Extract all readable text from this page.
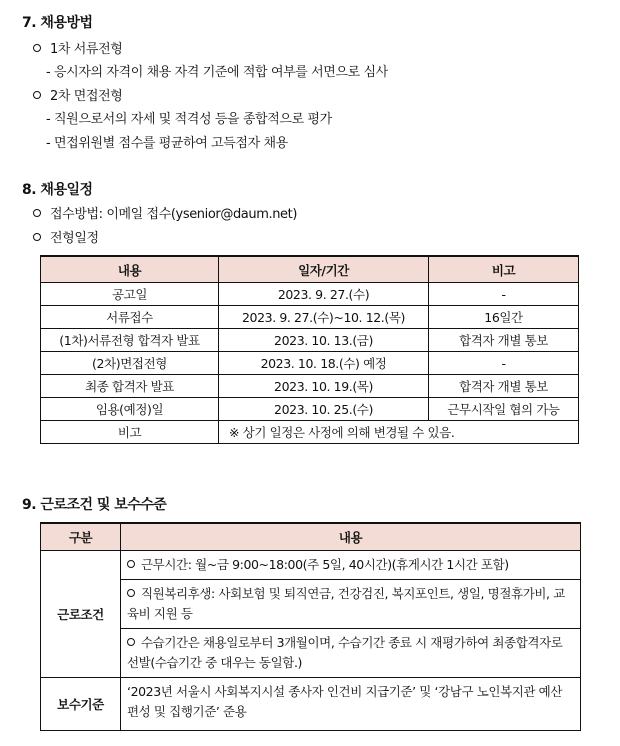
7. 채용방법
1차 서류전형
- 응시자의 자격이 채용 자격 기준에 적합 여부를 서면으로 심사
2차 면접전형
- 직원으로서의 자세 및 적격성 등을 종합적으로 평가
- 면접위원별 점수를 평균하여 고득점자 채용
8. 채용일정
접수방법: 이메일 접수(ysenior@daum.net)
전형일정
내용	일자/기간	비고
공고일	2023. 9. 27.(수)	-
서류접수	2023. 9. 27.(수)~10. 12.(목)	16일간
(1차)서류전형 합격자 발표	2023. 10. 13.(금)	합격자 개별 통보
(2차)면접전형	2023. 10. 18.(수) 예정	-
최종 합격자 발표	2023. 10. 19.(목)	합격자 개별 통보
임용(예정)일	2023. 10. 25.(수)	근무시작일 협의 가능
비고	※ 상기 일정은 사정에 의해 변경될 수 있음.	
9. 근로조건 및 보수수준
구분	내용
근로조건	근무시간: 월~금 9:00~18:00(주 5일, 40시간)(휴게시간 1시간 포함)
	직원복리후생: 사회보험 및 퇴직연금, 건강검진, 복지포인트, 생일, 명절휴가비, 교육비 지원 등
	수습기간은 채용일로부터 3개월이며, 수습기간 종료 시 재평가하여 최종합격자로 선발(수습기간 중 대우는 동일함.)
보수기준	‘2023년 서울시 사회복지시설 종사자 인건비 지급기준’ 및 ‘강남구 노인복지관 예산 편성 및 집행기준’ 준용
